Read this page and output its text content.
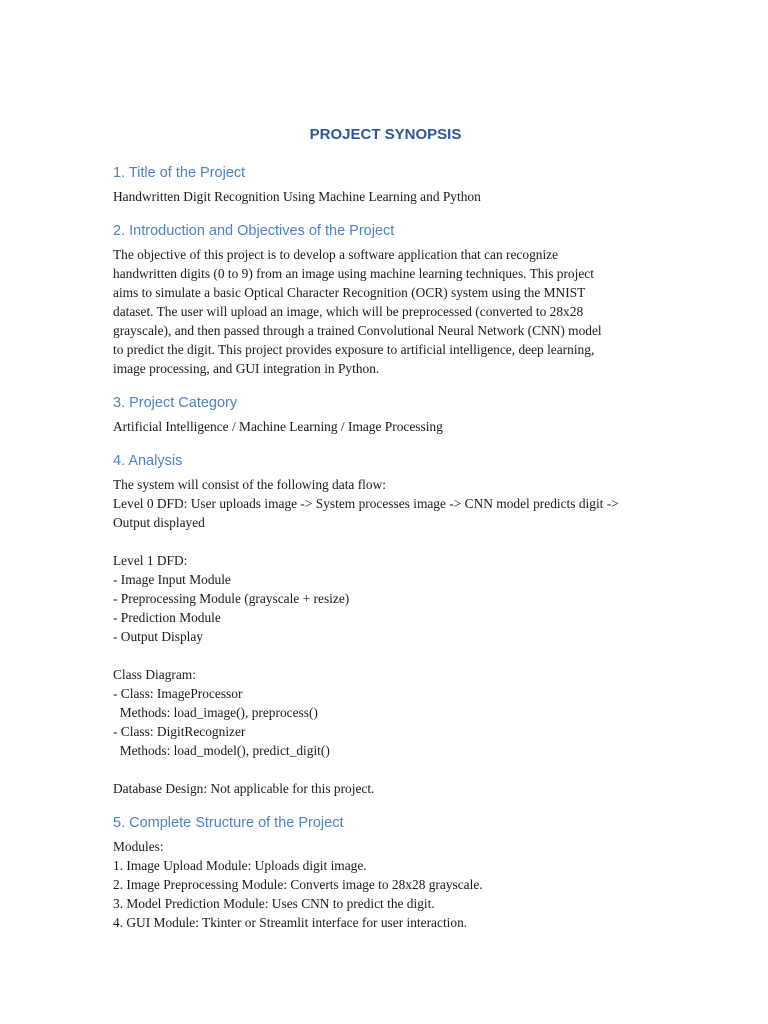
PROJECT SYNOPSIS
1. Title of the Project
Handwritten Digit Recognition Using Machine Learning and Python
2. Introduction and Objectives of the Project
The objective of this project is to develop a software application that can recognize
handwritten digits (0 to 9) from an image using machine learning techniques. This project
aims to simulate a basic Optical Character Recognition (OCR) system using the MNIST
dataset. The user will upload an image, which will be preprocessed (converted to 28x28
grayscale), and then passed through a trained Convolutional Neural Network (CNN) model
to predict the digit. This project provides exposure to artificial intelligence, deep learning,
image processing, and GUI integration in Python.
3. Project Category
Artificial Intelligence / Machine Learning / Image Processing
4. Analysis
The system will consist of the following data flow:
Level 0 DFD: User uploads image -> System processes image -> CNN model predicts digit ->
Output displayed
Level 1 DFD:
- Image Input Module
- Preprocessing Module (grayscale + resize)
- Prediction Module
- Output Display
Class Diagram:
- Class: ImageProcessor
Methods: load_image(), preprocess()
- Class: DigitRecognizer
Methods: load_model(), predict_digit()
Database Design: Not applicable for this project.
5. Complete Structure of the Project
Modules:
1. Image Upload Module: Uploads digit image.
2. Image Preprocessing Module: Converts image to 28x28 grayscale.
3. Model Prediction Module: Uses CNN to predict the digit.
4. GUI Module: Tkinter or Streamlit interface for user interaction.
